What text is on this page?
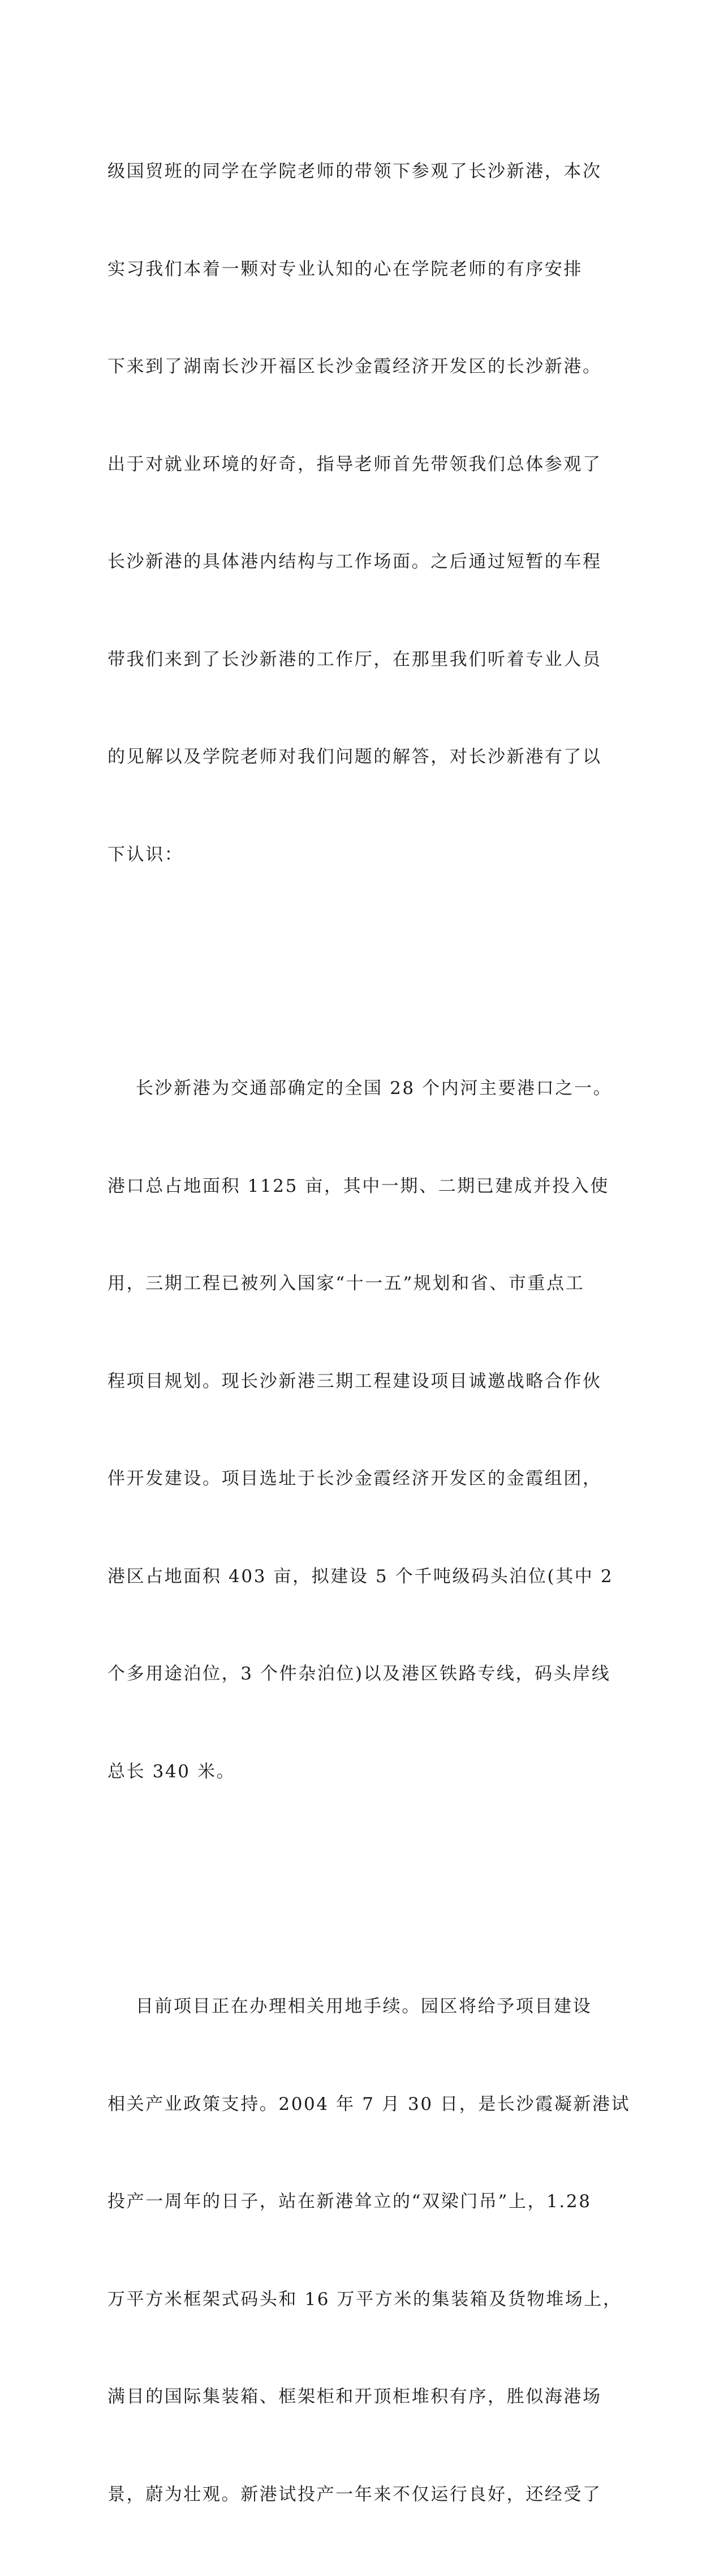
级国贸班的同学在学院老师的带领下参观了长沙新港，本次

实习我们本着一颗对专业认知的心在学院老师的有序安排

下来到了湖南长沙开福区长沙金霞经济开发区的长沙新港。

出于对就业环境的好奇，指导老师首先带领我们总体参观了

长沙新港的具体港内结构与工作场面。之后通过短暂的车程

带我们来到了长沙新港的工作厅，在那里我们听着专业人员

的见解以及学院老师对我们问题的解答，对长沙新港有了以

下认识：

长沙新港为交通部确定的全国 28 个内河主要港口之一。

港口总占地面积 1125 亩，其中一期、二期已建成并投入使

用，三期工程已被列入国家“十一五”规划和省、市重点工

程项目规划。现长沙新港三期工程建设项目诚邀战略合作伙

伴开发建设。项目选址于长沙金霞经济开发区的金霞组团，

港区占地面积 403 亩，拟建设 5 个千吨级码头泊位(其中 2

个多用途泊位，3 个件杂泊位)以及港区铁路专线，码头岸线

总长 340 米。

目前项目正在办理相关用地手续。园区将给予项目建设

相关产业政策支持。2004 年 7 月 30 日，是长沙霞凝新港试

投产一周年的日子，站在新港耸立的“双梁门吊”上，1.28

万平方米框架式码头和 16 万平方米的集装箱及货物堆场上，

满目的国际集装箱、框架柜和开顶柜堆积有序，胜似海港场

景，蔚为壮观。新港试投产一年来不仅运行良好，还经受了
